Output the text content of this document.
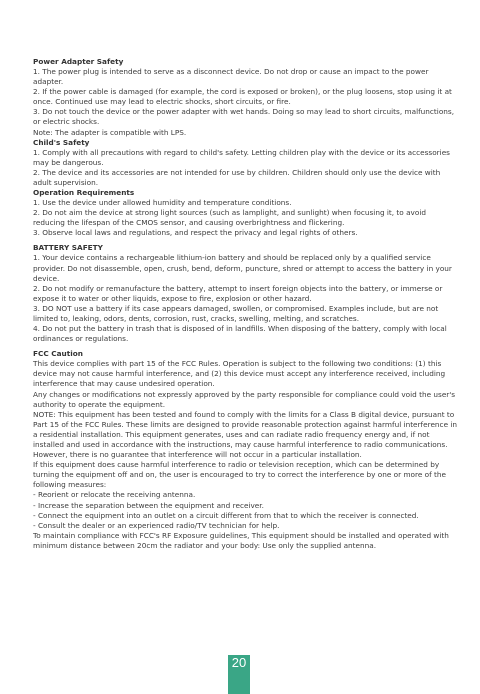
Power Adapter Safety
1. The power plug is intended to serve as a disconnect device. Do not drop or cause an impact to the power adapter.
2. If the power cable is damaged (for example, the cord is exposed or broken), or the plug loosens, stop using it at once. Continued use may lead to electric shocks, short circuits, or fire.
3. Do not touch the device or the power adapter with wet hands. Doing so may lead to short circuits, malfunctions, or electric shocks.
Note: The adapter is compatible with LPS.
Child's Safety
1. Comply with all precautions with regard to child's safety. Letting children play with the device or its accessories may be dangerous.
2. The device and its accessories are not intended for use by children. Children should only use the device with adult supervision.
Operation Requirements
1. Use the device under allowed humidity and temperature conditions.
2. Do not aim the device at strong light sources (such as lamplight, and sunlight) when focusing it, to avoid reducing the lifespan of the CMOS sensor, and causing overbrightness and flickering.
3. Observe local laws and regulations, and respect the privacy and legal rights of others.
BATTERY SAFETY
1. Your device contains a rechargeable lithium-ion battery and should be replaced only by a qualified service provider. Do not disassemble, open, crush, bend, deform, puncture, shred or attempt to access the battery in your device.
2. Do not modify or remanufacture the battery, attempt to insert foreign objects into the battery, or immerse or expose it to water or other liquids, expose to fire, explosion or other hazard.
3. DO NOT use a battery if its case appears damaged, swollen, or compromised. Examples include, but are not limited to, leaking, odors, dents, corrosion, rust, cracks, swelling, melting, and scratches.
4. Do not put the battery in trash that is disposed of in landfills. When disposing of the battery, comply with local ordinances or regulations.
FCC Caution
This device complies with part 15 of the FCC Rules. Operation is subject to the following two conditions: (1) this device may not cause harmful interference, and (2) this device must accept any interference received, including interference that may cause undesired operation.
Any changes or modifications not expressly approved by the party responsible for compliance could void the user's authority to operate the equipment.
NOTE: This equipment has been tested and found to comply with the limits for a Class B digital device, pursuant to Part 15 of the FCC Rules. These limits are designed to provide reasonable protection against harmful interference in a residential installation. This equipment generates, uses and can radiate radio frequency energy and, if not installed and used in accordance with the instructions, may cause harmful interference to radio communications. However, there is no guarantee that interference will not occur in a particular installation.
If this equipment does cause harmful interference to radio or television reception, which can be determined by turning the equipment off and on, the user is encouraged to try to correct the interference by one or more of the following measures:
- Reorient or relocate the receiving antenna.
- Increase the separation between the equipment and receiver.
- Connect the equipment into an outlet on a circuit different from that to which the receiver is connected.
- Consult the dealer or an experienced radio/TV technician for help.
To maintain compliance with FCC's RF Exposure guidelines, This equipment should be installed and operated with minimum distance between 20cm the radiator and your body: Use only the supplied antenna.
20
